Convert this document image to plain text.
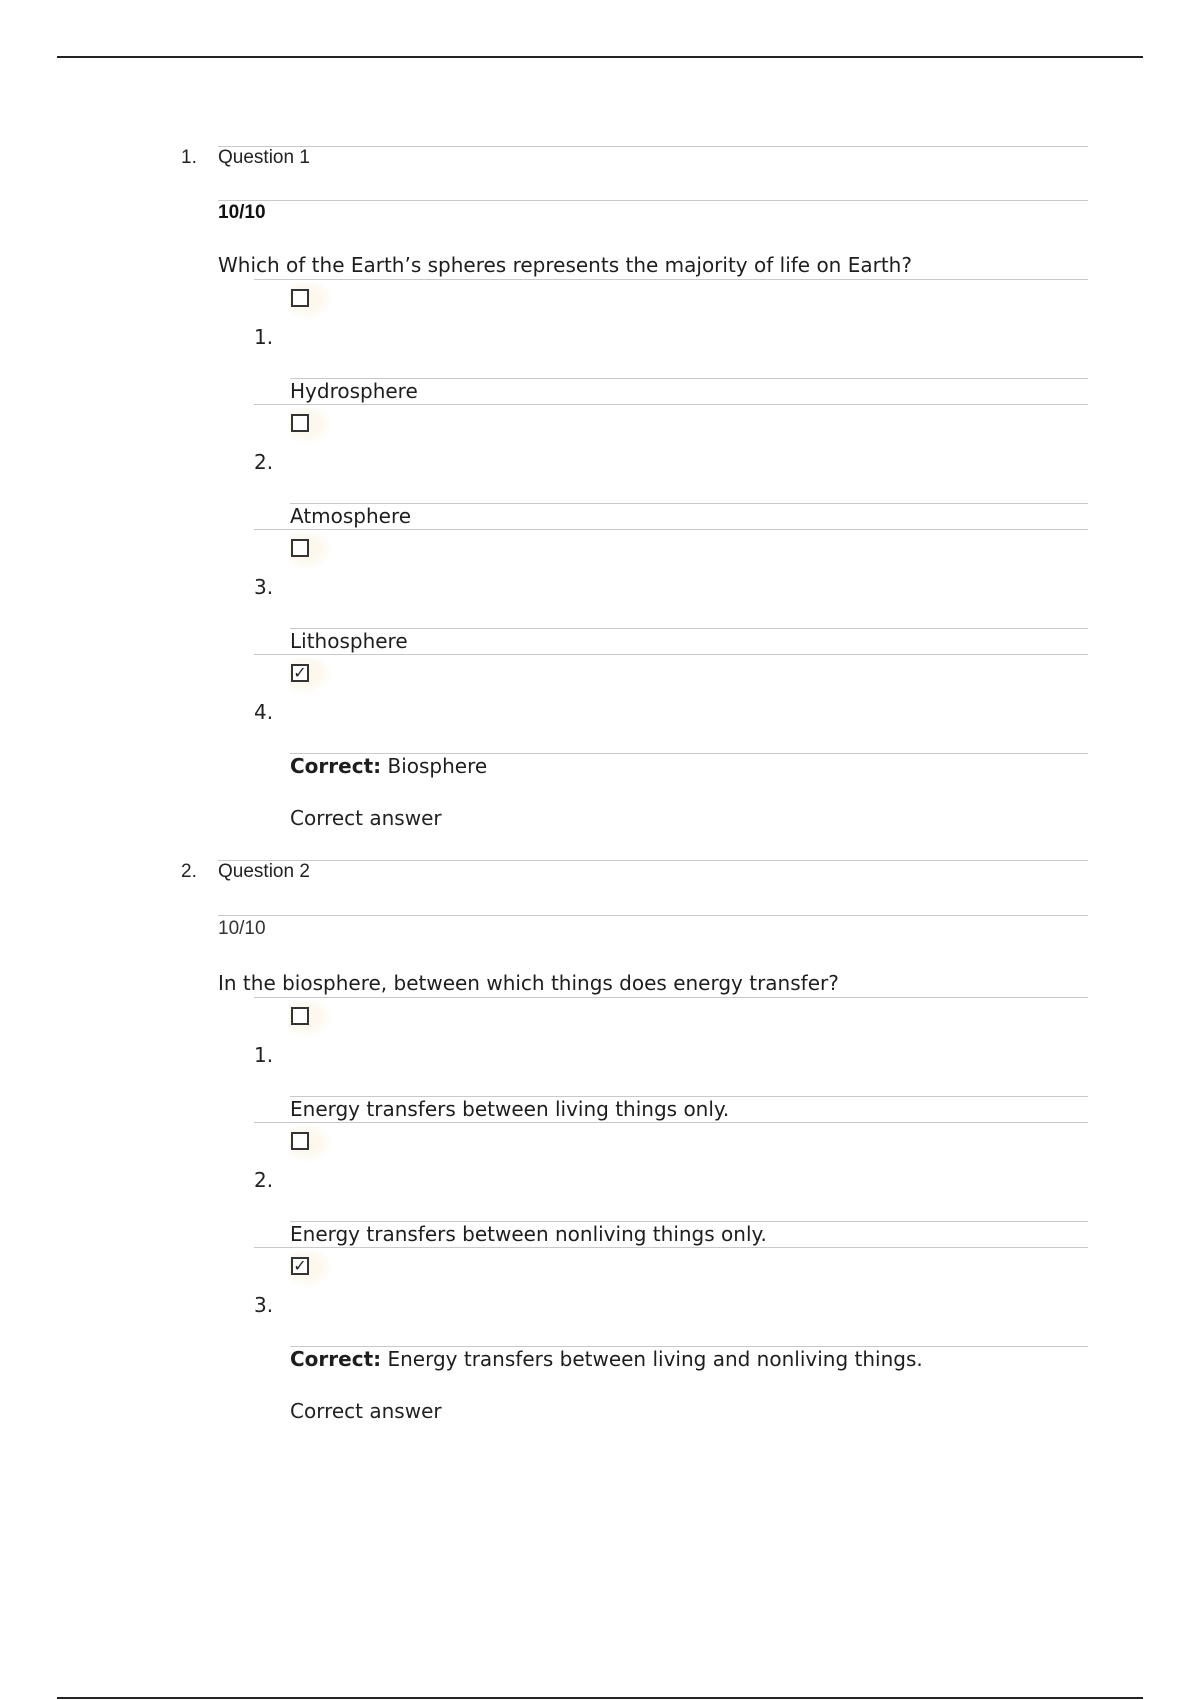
1. Question 1
10/10
Which of the Earth’s spheres represents the majority of life on Earth?
1.
Hydrosphere
2.
Atmosphere
3.
Lithosphere
✓
4.
Correct: Biosphere
Correct answer
2. Question 2
10/10
In the biosphere, between which things does energy transfer?
1.
Energy transfers between living things only.
2.
Energy transfers between nonliving things only.
✓
3.
Correct: Energy transfers between living and nonliving things.
Correct answer
